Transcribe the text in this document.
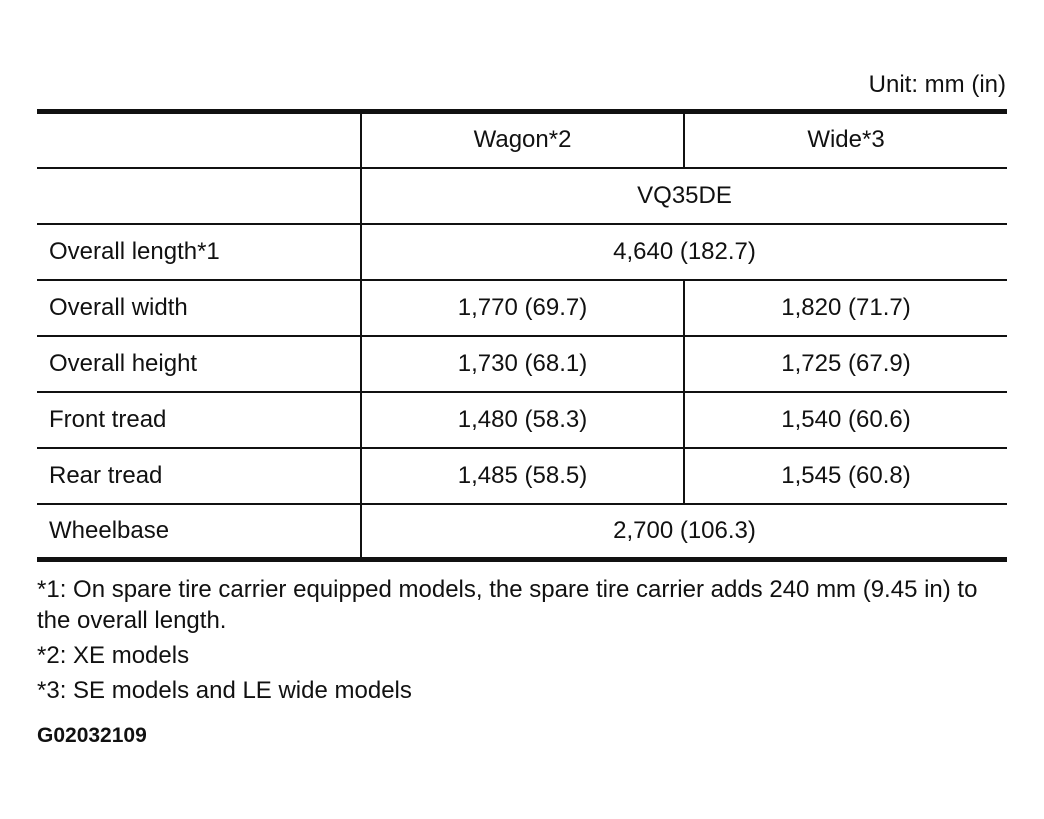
Unit: mm (in)
	Wagon*2	Wide*3
	VQ35DE	
Overall length*1	4,640 (182.7)	
Overall width	1,770 (69.7)	1,820 (71.7)
Overall height	1,730 (68.1)	1,725 (67.9)
Front tread	1,480 (58.3)	1,540 (60.6)
Rear tread	1,485 (58.5)	1,545 (60.8)
Wheelbase	2,700 (106.3)	

*1: On spare tire carrier equipped models, the spare tire carrier adds 240 mm (9.45 in) to the overall length.

*2: XE models

*3: SE models and LE wide models

G02032109
